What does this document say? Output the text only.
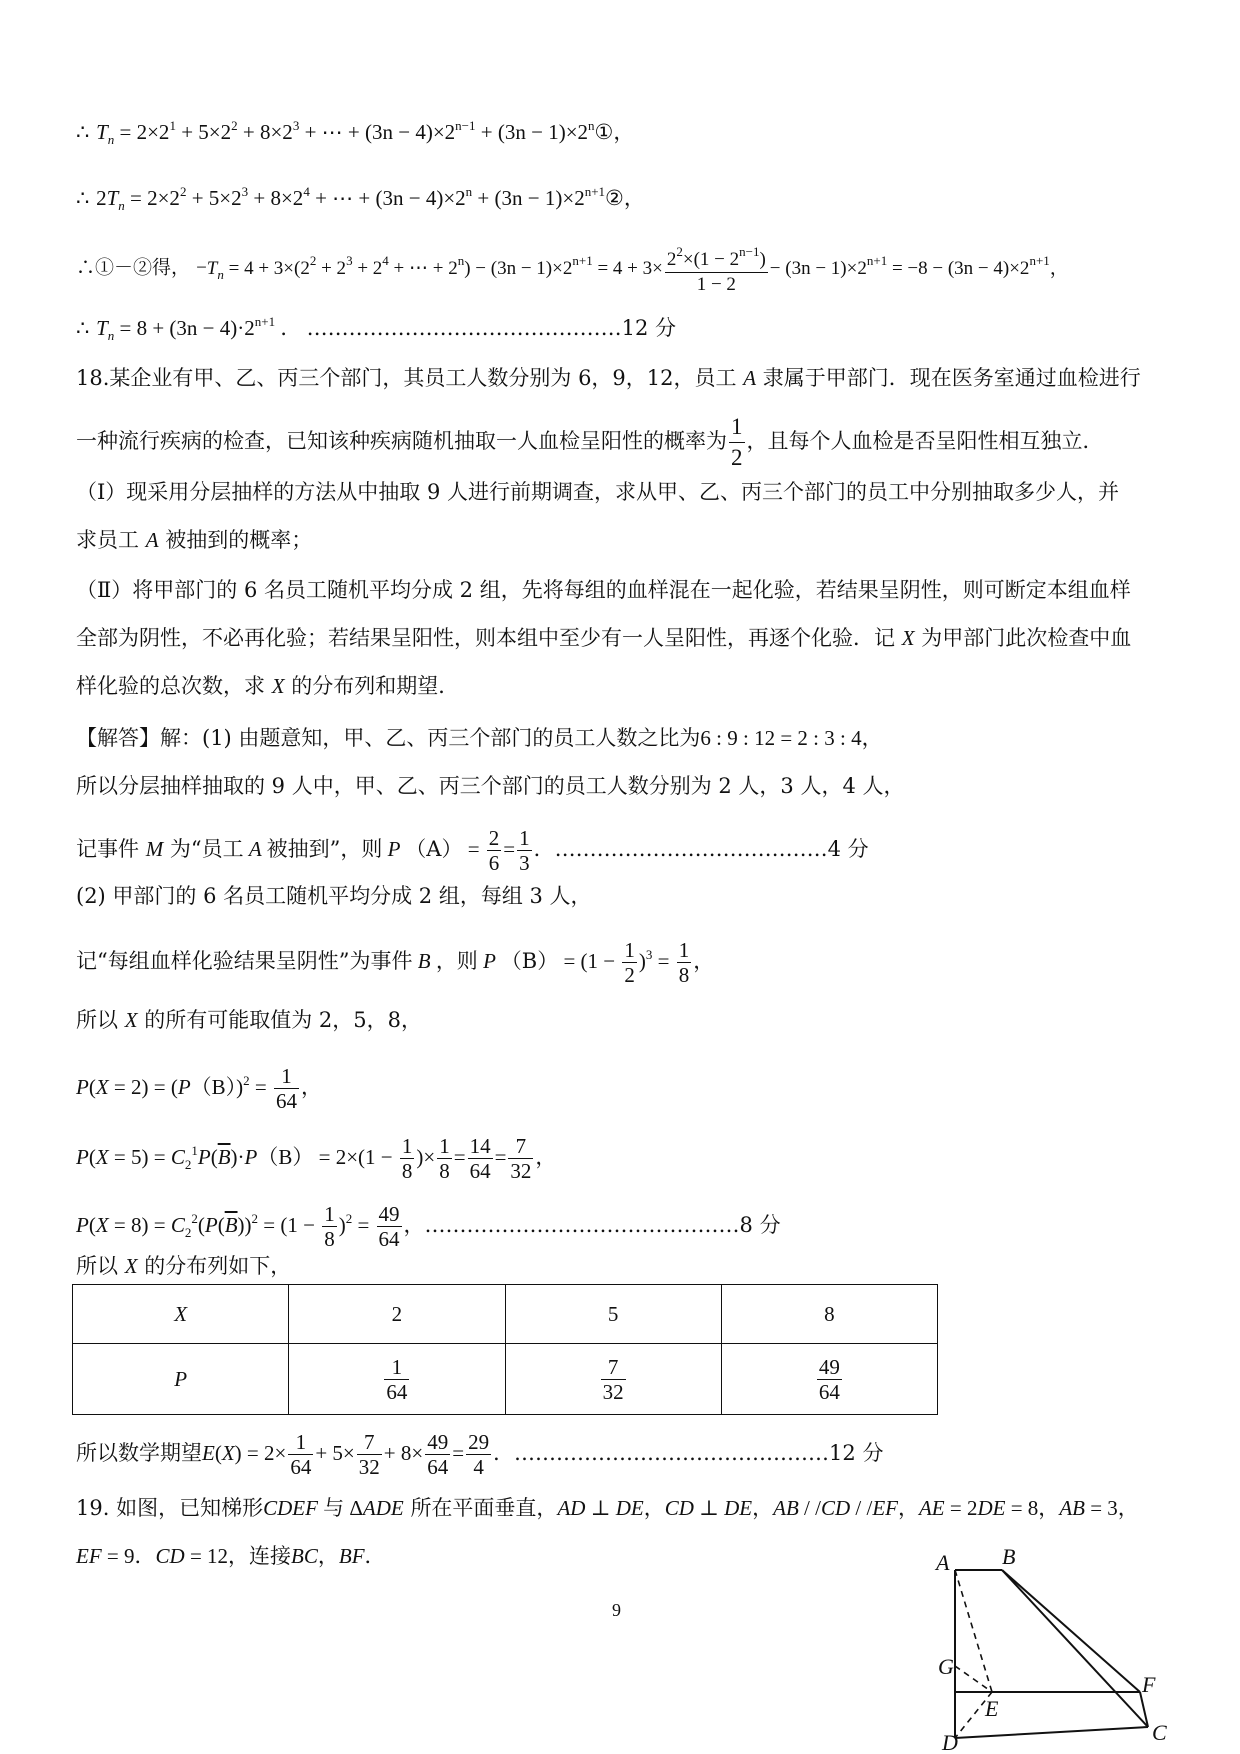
∴ $T_n = 2\times 2^1 + 5\times 2^2 + 8\times 2^3$ + ⋯ + $(3n - 4)\times 2^{n-1} + (3n$ − $1)\times 2^n①$，
∴ $2T_n = 2\times 2^2 + 5\times 2^3 + 8\times 2^4$ + ⋯ + $(3n - 4)\times 2^n + (3n$ − $1)\times 2^{n+1}②$，
∴①－②得， $-T_n = 4 + 3\times(2^2 + 2^3 + 2^4$ + ⋯ + $2^n) - (3n - 1)\times 2^{n+1} = 4 + 3\times \frac{2^2\times(1 - 2^{n-1})}{1 - 2} - (3n - 1)\times 2^{n+1} = -8 - (3n - 4)\times 2^{n+1}$，
∴ $T_n = 8 + (3n - 4)\cdot 2^{n+1}$ ． ………………………………………12 分
18.某企业有甲、乙、丙三个部门，其员工人数分别为 6，9，12，员工 A 隶属于甲部门．现在医务室通过血检进行
一种流行疾病的检查，已知该种疾病随机抽取一人血检呈阳性的概率为 $\frac{1}{2}$ ，且每个人血检是否呈阳性相互独立．
（Ⅰ）现采用分层抽样的方法从中抽取 9 人进行前期调查，求从甲、乙、丙三个部门的员工中分别抽取多少人，并
求员工 A 被抽到的概率；
（Ⅱ）将甲部门的 6 名员工随机平均分成 2 组，先将每组的血样混在一起化验，若结果呈阴性，则可断定本组血样
全部为阴性，不必再化验；若结果呈阳性，则本组中至少有一人呈阳性，再逐个化验．记 X 为甲部门此次检查中血
样化验的总次数，求 X 的分布列和期望．
【解答】解：(1) 由题意知，甲、乙、丙三个部门的员工人数之比为6 : 9 : 12 = 2 : 3 : 4，
所以分层抽样抽取的 9 人中，甲、乙、丙三个部门的员工人数分别为 2 人，3 人，4 人，
记事件 M 为“员工 A 被抽到”，则 P $(A) = \frac{2}{6} = \frac{1}{3}$ ．…………………………………4 分
(2) 甲部门的 6 名员工随机平均分成 2 组，每组 3 人，
记“每组血样化验结果呈阴性”为事件 B ，则 P $(B) = (1 - \frac{1}{2} )^3 = \frac{1}{8}$ ，
所以 X 的所有可能取值为 2，5，8，
$P(X = 2) = (P(B))^2 = \frac{1}{64}$ ，
$P(X = 5) = C_2^1P(\overline{B})\cdot P(B) = 2\times(1 - \frac{1}{8}$ )× $\frac{1}{8} = \frac{14}{64} = \frac{7}{32}$ ，
$P(X = 8) = C_2^2(P(\overline{B}))^2 = (1 - \frac{1}{8} )^2 = \frac{49}{64}$ ，………………………………………8 分
所以 X 的分布列如下，
X	2	5	8
P	$\frac{1}{64}$	$\frac{7}{32}$	$\frac{49}{64}$
所以数学期望$E(X) = 2\times \frac{1}{64} + 5\times \frac{7}{32} + 8\times \frac{49}{64} = \frac{29}{4}$ ．………………………………………12 分
19. 如图，已知梯形CDEF 与 ΔADE 所在平面垂直，AD ⊥ DE，CD ⊥ DE，AB / /CD / /EF，AE = 2DE = 8，AB = 3，
EF = 9．CD = 12，连接BC，BF．
9
A B
G
E
F
D	C
